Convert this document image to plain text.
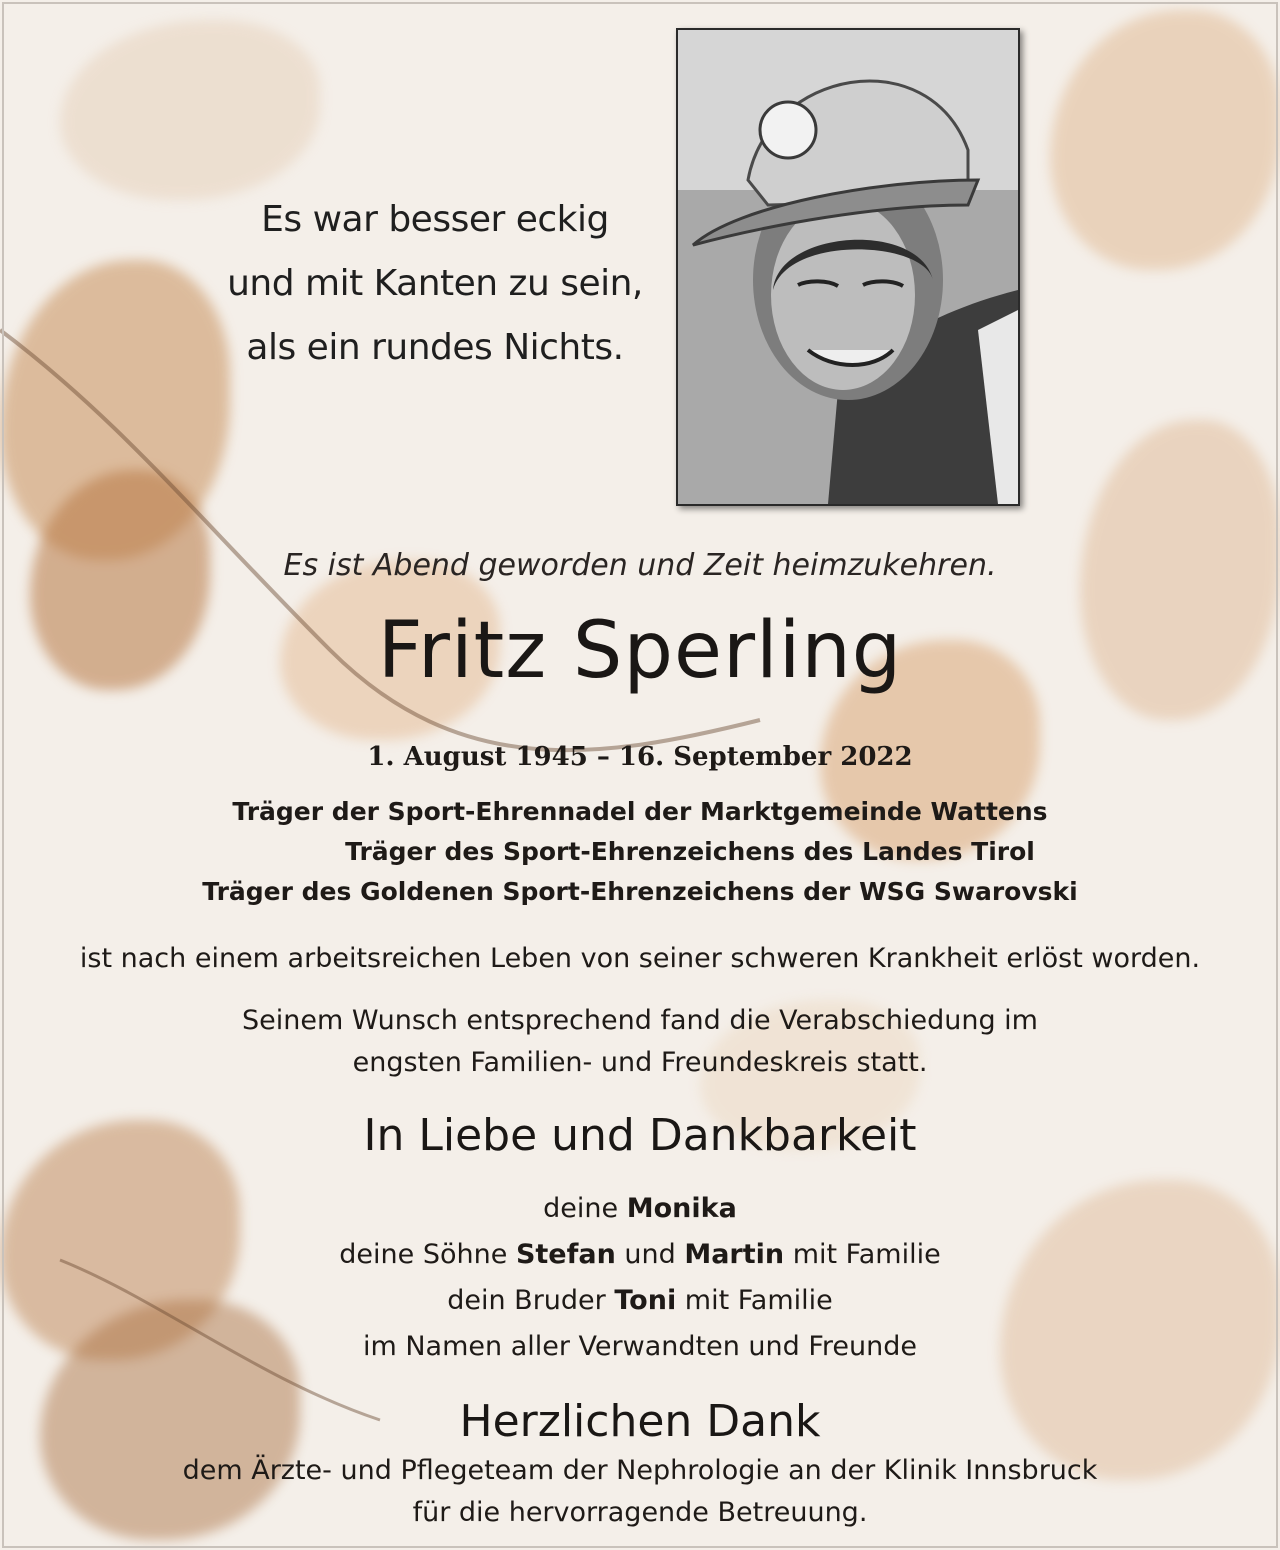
Es war besser eckig
und mit Kanten zu sein,
als ein rundes Nichts.
Es ist Abend geworden und Zeit heimzukehren.
Fritz Sperling
1. August 1945 – 16. September 2022
Träger der Sport-Ehrennadel der Marktgemeinde Wattens
Träger des Sport-Ehrenzeichens des Landes Tirol
Träger des Goldenen Sport-Ehrenzeichens der WSG Swarovski
ist nach einem arbeitsreichen Leben von seiner schweren Krankheit erlöst worden.
Seinem Wunsch entsprechend fand die Verabschiedung im
engsten Familien- und Freundeskreis statt.
In Liebe und Dankbarkeit
deine Monika
deine Söhne Stefan und Martin mit Familie
dein Bruder Toni mit Familie
im Namen aller Verwandten und Freunde
Herzlichen Dank
dem Ärzte- und Pflegeteam der Nephrologie an der Klinik Innsbruck
für die hervorragende Betreuung.
